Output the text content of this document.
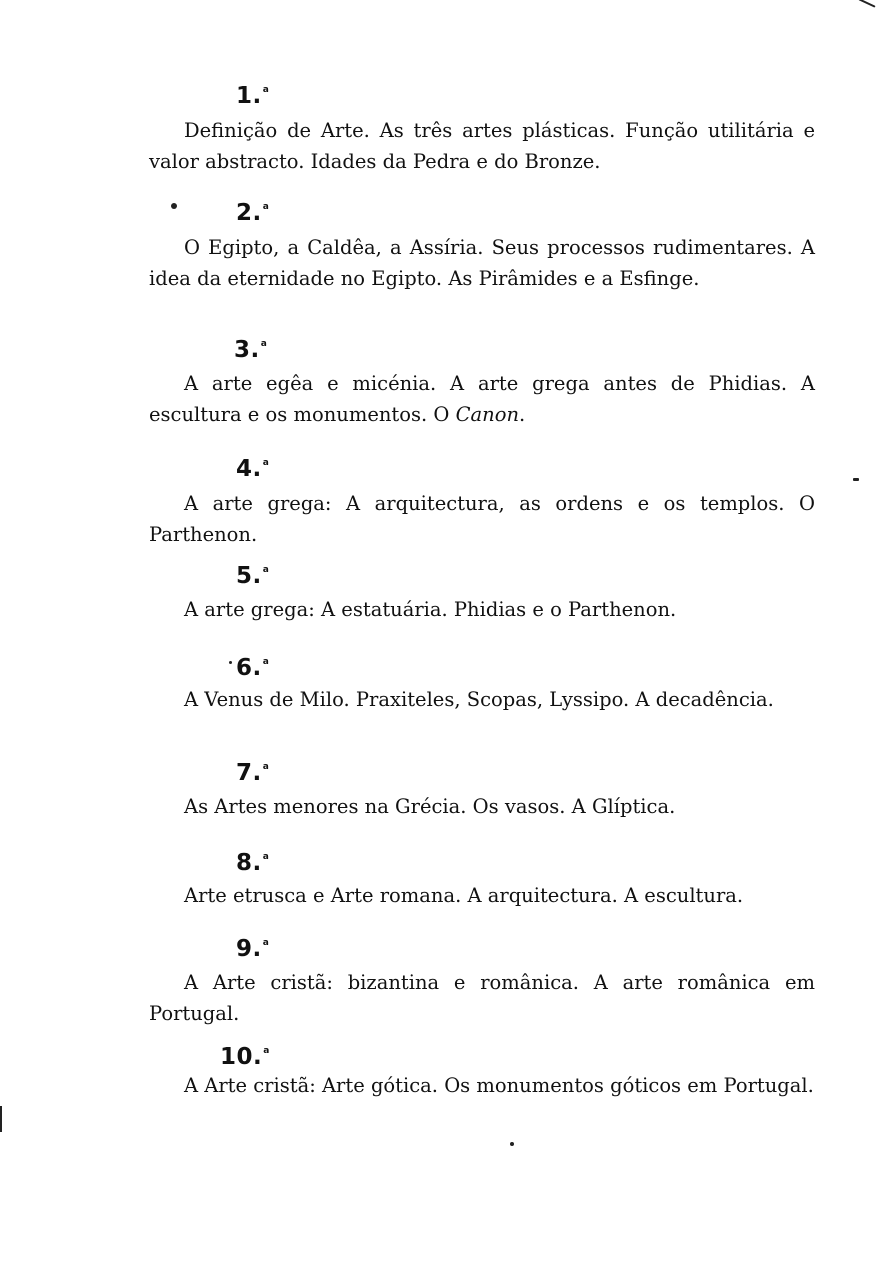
1.$^a$
Definição de Arte. As três artes plásticas. Função utilitária e valor abstracto. Idades da Pedra e do Bronze.
2.$^a$
O Egipto, a Caldêa, a Assíria. Seus processos rudimentares. A idea da eternidade no Egipto. As Pirâmides e a Esfinge.
3.$^a$
A arte egêa e micénia. A arte grega antes de Phidias. A escultura e os monumentos. O Canon.
4.$^a$
A arte grega: A arquitectura, as ordens e os templos. O Parthenon.
5.$^a$
A arte grega: A estatuária. Phidias e o Parthenon.
6.$^a$
A Venus de Milo. Praxiteles, Scopas, Lyssipo. A decadência.
7.$^a$
As Artes menores na Grécia. Os vasos. A Glíptica.
8.$^a$
Arte etrusca e Arte romana. A arquitectura. A escultura.
9.$^a$
A Arte cristã: bizantina e românica. A arte românica em Portugal.
10.$^a$
A Arte cristã: Arte gótica. Os monumentos góticos em Portugal.
